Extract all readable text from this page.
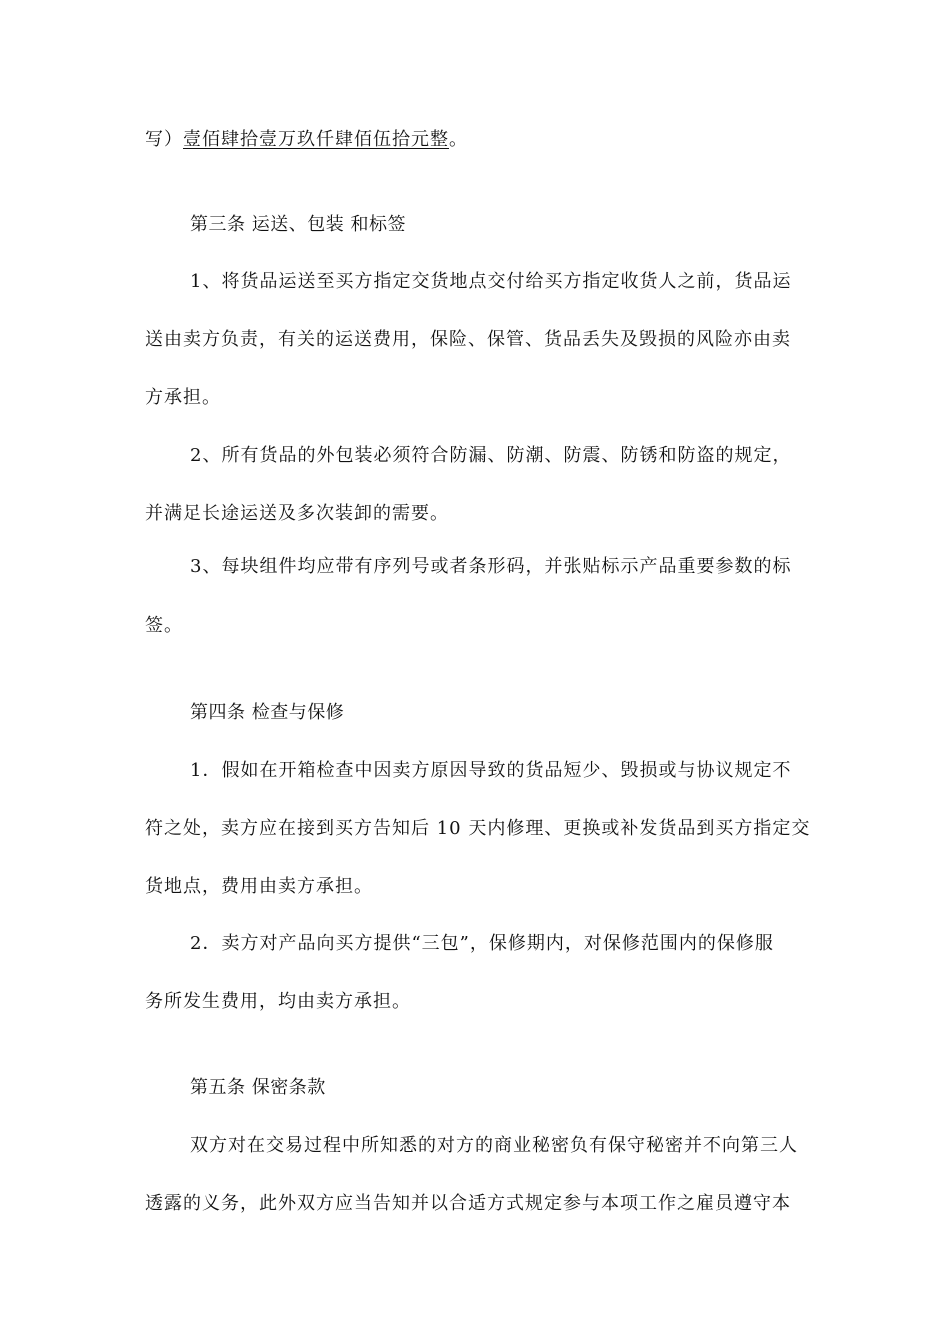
写）壹佰肆拾壹万玖仟肆佰伍拾元整。
第三条 运送、包装 和标签
1、将货品运送至买方指定交货地点交付给买方指定收货人之前，货品运
送由卖方负责，有关的运送费用，保险、保管、货品丢失及毁损的风险亦由卖
方承担。
2、所有货品的外包装必须符合防漏、防潮、防震、防锈和防盗的规定，
并满足长途运送及多次装卸的需要。
3、每块组件均应带有序列号或者条形码，并张贴标示产品重要参数的标
签。
第四条 检查与保修
1．假如在开箱检查中因卖方原因导致的货品短少、毁损或与协议规定不
符之处，卖方应在接到买方告知后 10 天内修理、更换或补发货品到买方指定交
货地点，费用由卖方承担。
2．卖方对产品向买方提供“三包”，保修期内，对保修范围内的保修服
务所发生费用，均由卖方承担。
第五条 保密条款
双方对在交易过程中所知悉的对方的商业秘密负有保守秘密并不向第三人
透露的义务，此外双方应当告知并以合适方式规定参与本项工作之雇员遵守本
